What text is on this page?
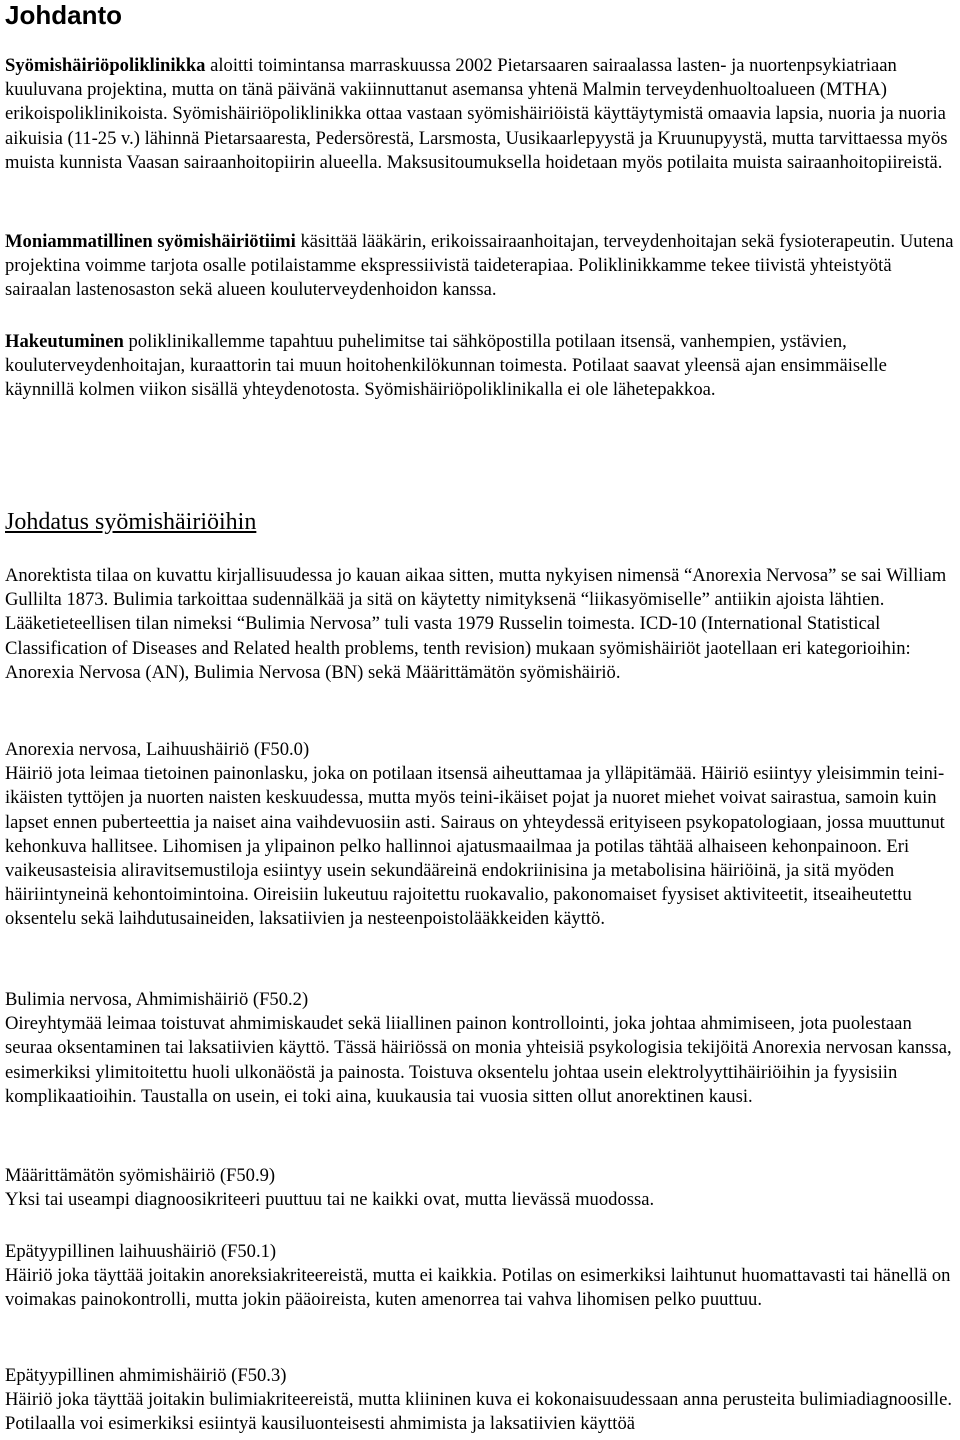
Johdanto

Syömishäiriöpoliklinikka aloitti toimintansa marraskuussa 2002 Pietarsaaren sairaalassa lasten- ja nuortenpsykiatriaan kuuluvana projektina, mutta on tänä päivänä vakiinnuttanut asemansa yhtenä Malmin terveydenhuoltoalueen (MTHA) erikoispoliklinikoista. Syömishäiriöpoliklinikka ottaa vastaan syömishäiriöistä käyttäytymistä omaavia lapsia, nuoria ja nuoria aikuisia (11-25 v.) lähinnä Pietarsaaresta, Pedersörestä, Larsmosta, Uusikaarlepyystä ja Kruunupyystä, mutta tarvittaessa myös muista kunnista Vaasan sairaanhoitopiirin alueella. Maksusitoumuksella hoidetaan myös potilaita muista sairaanhoitopiireistä.

Moniammatillinen syömishäiriötiimi käsittää lääkärin, erikoissairaanhoitajan, terveydenhoitajan sekä fysioterapeutin. Uutena projektina voimme tarjota osalle potilaistamme ekspressiivistä taideterapiaa. Poliklinikkamme tekee tiivistä yhteistyötä sairaalan lastenosaston sekä alueen kouluterveydenhoidon kanssa.

Hakeutuminen poliklinikallemme tapahtuu puhelimitse tai sähköpostilla potilaan itsensä, vanhempien, ystävien, kouluterveydenhoitajan, kuraattorin tai muun hoitohenkilökunnan toimesta. Potilaat saavat yleensä ajan ensimmäiselle käynnillä kolmen viikon sisällä yhteydenotosta. Syömishäiriöpoliklinikalla ei ole lähetepakkoa.

Johdatus syömishäiriöihin

Anorektista tilaa on kuvattu kirjallisuudessa jo kauan aikaa sitten, mutta nykyisen nimensä “Anorexia Nervosa” se sai William Gullilta 1873. Bulimia tarkoittaa sudennälkää ja sitä on käytetty nimityksenä “liikasyömiselle” antiikin ajoista lähtien. Lääketieteellisen tilan nimeksi “Bulimia Nervosa” tuli vasta 1979 Russelin toimesta. ICD-10 (International Statistical Classification of Diseases and Related health problems, tenth revision) mukaan syömishäiriöt jaotellaan eri kategorioihin: Anorexia Nervosa (AN), Bulimia Nervosa (BN) sekä Määrittämätön syömishäiriö.

Anorexia nervosa, Laihuushäiriö (F50.0)
Häiriö jota leimaa tietoinen painonlasku, joka on potilaan itsensä aiheuttamaa ja ylläpitämää. Häiriö esiintyy yleisimmin teini-ikäisten tyttöjen ja nuorten naisten keskuudessa, mutta myös teini-ikäiset pojat ja nuoret miehet voivat sairastua, samoin kuin lapset ennen puberteettia ja naiset aina vaihdevuosiin asti. Sairaus on yhteydessä erityiseen psykopatologiaan, jossa muuttunut kehonkuva hallitsee. Lihomisen ja ylipainon pelko hallinnoi ajatusmaailmaa ja potilas tähtää alhaiseen kehonpainoon. Eri vaikeusasteisia aliravitsemustiloja esiintyy usein sekundääreinä endokriinisina ja metabolisina häiriöinä, ja sitä myöden häiriintyneinä kehontoimintoina. Oireisiin lukeutuu rajoitettu ruokavalio, pakonomaiset fyysiset aktiviteetit, itseaiheutettu oksentelu sekä laihdutusaineiden, laksatiivien ja nesteenpoistolääkkeiden käyttö.
Bulimia nervosa, Ahmimishäiriö (F50.2)
Oireyhtymää leimaa toistuvat ahmimiskaudet sekä liiallinen painon kontrollointi, joka johtaa ahmimiseen, jota puolestaan seuraa oksentaminen tai laksatiivien käyttö. Tässä häiriössä on monia yhteisiä psykologisia tekijöitä Anorexia nervosan kanssa, esimerkiksi ylimitoitettu huoli ulkonäöstä ja painosta. Toistuva oksentelu johtaa usein elektrolyyttihäiriöihin ja fyysisiin komplikaatioihin. Taustalla on usein, ei toki aina, kuukausia tai vuosia sitten ollut anorektinen kausi.
Määrittämätön syömishäiriö (F50.9)
Yksi tai useampi diagnoosikriteeri puuttuu tai ne kaikki ovat, mutta lievässä muodossa.
Epätyypillinen laihuushäiriö (F50.1)
Häiriö joka täyttää joitakin anoreksiakriteereistä, mutta ei kaikkia. Potilas on esimerkiksi laihtunut huomattavasti tai hänellä on voimakas painokontrolli, mutta jokin pääoireista, kuten amenorrea tai vahva lihomisen pelko puuttuu.
Epätyypillinen ahmimishäiriö (F50.3)
Häiriö joka täyttää joitakin bulimiakriteereistä, mutta kliininen kuva ei kokonaisuudessaan anna perusteita bulimiadiagnoosille. Potilaalla voi esimerkiksi esiintyä kausiluonteisesti ahmimista ja laksatiivien käyttöä
